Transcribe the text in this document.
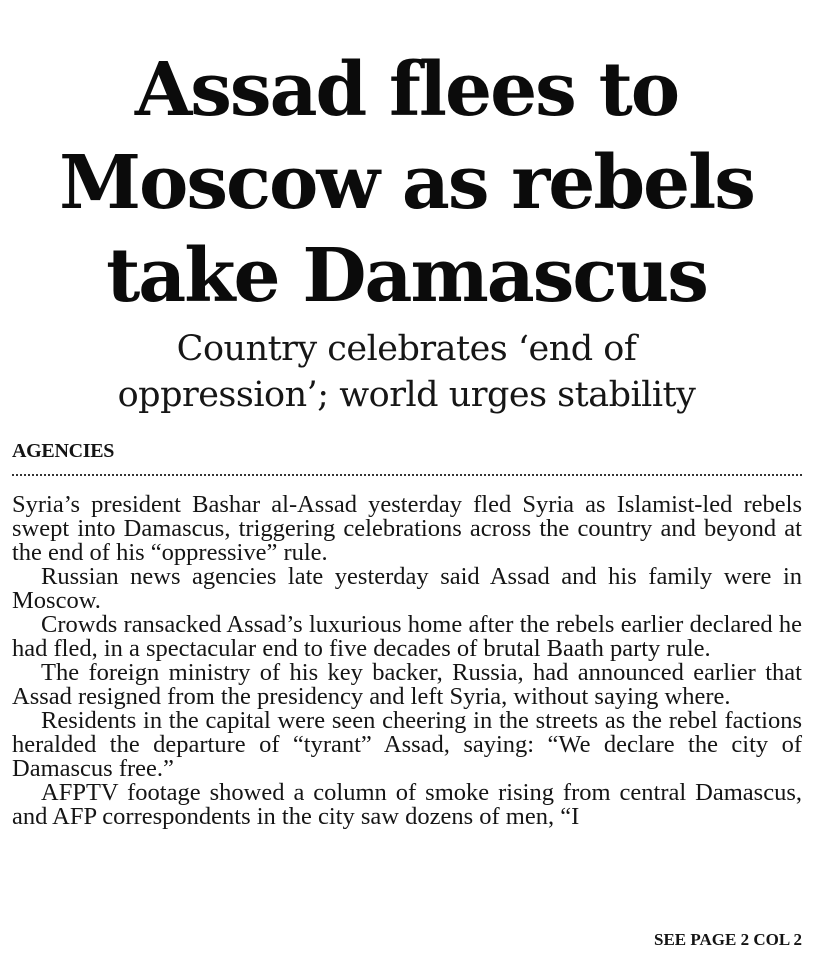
Assad flees to
Moscow as rebels
take Damascus
Country celebrates ‘end of
oppression’; world urges stability
AGENCIES

Syria’s president Bashar al-Assad yesterday fled Syria as Islamist-led rebels swept into Damascus, triggering celebrations across the country and beyond at the end of his “oppressive” rule.

Russian news agencies late yesterday said Assad and his family were in Moscow.

Crowds ransacked Assad’s luxurious home after the rebels earlier declared he had fled, in a spectacular end to five decades of brutal Baath party rule.

The foreign ministry of his key backer, Russia, had announced earlier that Assad resigned from the presidency and left Syria, without saying where.

Residents in the capital were seen cheering in the streets as the rebel factions heralded the departure of “tyrant” Assad, saying: “We declare the city of Damascus free.”

AFPTV footage showed a column of smoke rising from central Damascus, and AFP correspondents in the city saw dozens of men, “I

SEE PAGE 2 COL 2
